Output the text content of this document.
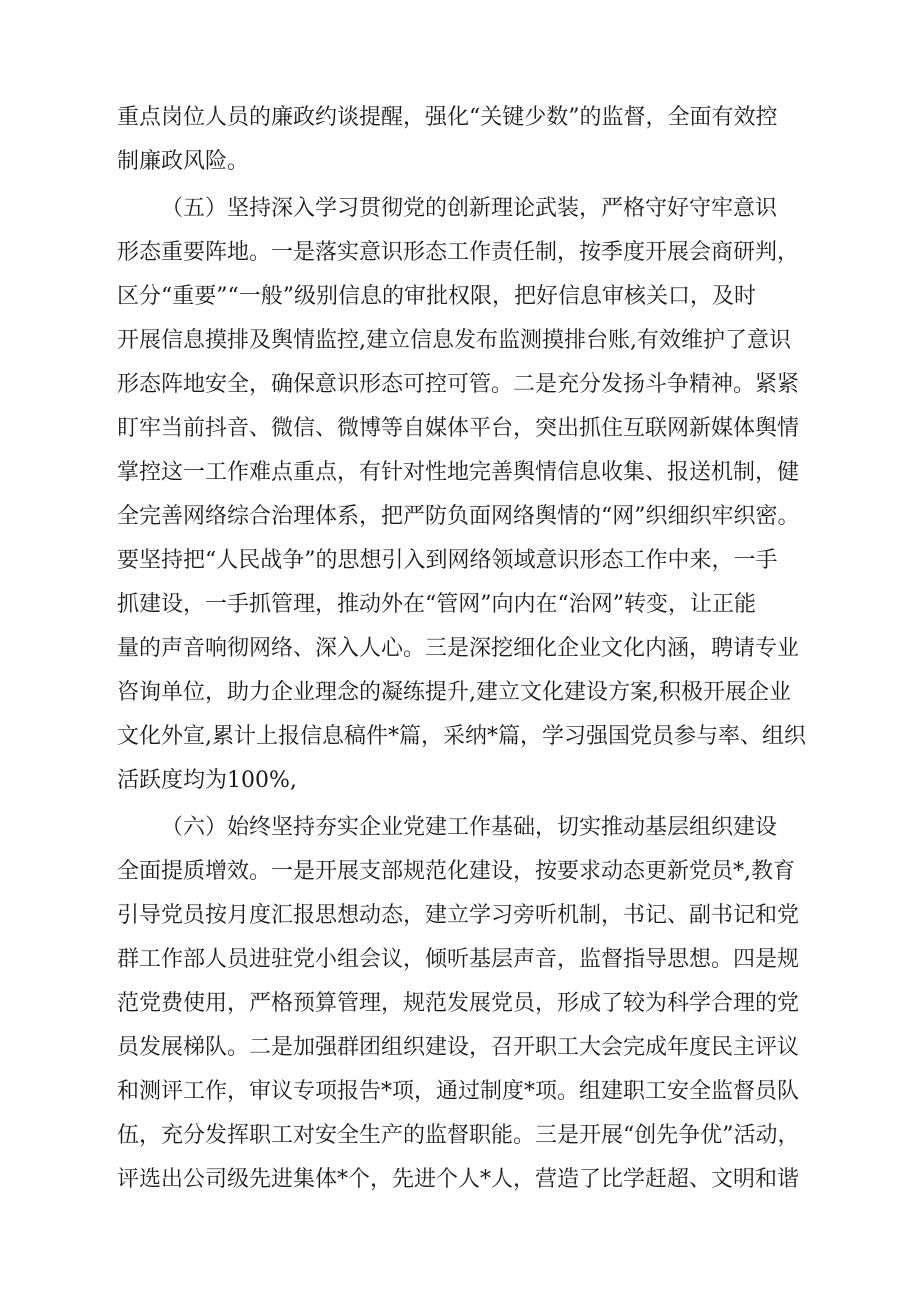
重点岗位人员的廉政约谈提醒，强化“关键少数”的监督，全面有效控

制廉政风险。

（五）坚持深入学习贯彻党的创新理论武装，严格守好守牢意识

形态重要阵地。一是落实意识形态工作责任制，按季度开展会商研判，

区分“重要”“一般”级别信息的审批权限，把好信息审核关口，及时

开展信息摸排及舆情监控,建立信息发布监测摸排台账,有效维护了意识

形态阵地安全，确保意识形态可控可管。二是充分发扬斗争精神。紧紧

盯牢当前抖音、微信、微博等自媒体平台，突出抓住互联网新媒体舆情

掌控这一工作难点重点，有针对性地完善舆情信息收集、报送机制，健

全完善网络综合治理体系，把严防负面网络舆情的“网”织细织牢织密。

要坚持把“人民战争”的思想引入到网络领域意识形态工作中来，一手

抓建设，一手抓管理，推动外在“管网”向内在“治网”转变，让正能

量的声音响彻网络、深入人心。三是深挖细化企业文化内涵，聘请专业

咨询单位，助力企业理念的凝练提升,建立文化建设方案,积极开展企业

文化外宣,累计上报信息稿件*篇，采纳*篇，学习强国党员参与率、组织

活跃度均为100%,

（六）始终坚持夯实企业党建工作基础，切实推动基层组织建设

全面提质增效。一是开展支部规范化建设，按要求动态更新党员*,教育

引导党员按月度汇报思想动态，建立学习旁听机制，书记、副书记和党

群工作部人员进驻党小组会议，倾听基层声音，监督指导思想。四是规

范党费使用，严格预算管理，规范发展党员，形成了较为科学合理的党

员发展梯队。二是加强群团组织建设，召开职工大会完成年度民主评议

和测评工作，审议专项报告*项，通过制度*项。组建职工安全监督员队

伍，充分发挥职工对安全生产的监督职能。三是开展“创先争优”活动，

评选出公司级先进集体*个，先进个人*人，营造了比学赶超、文明和谐
